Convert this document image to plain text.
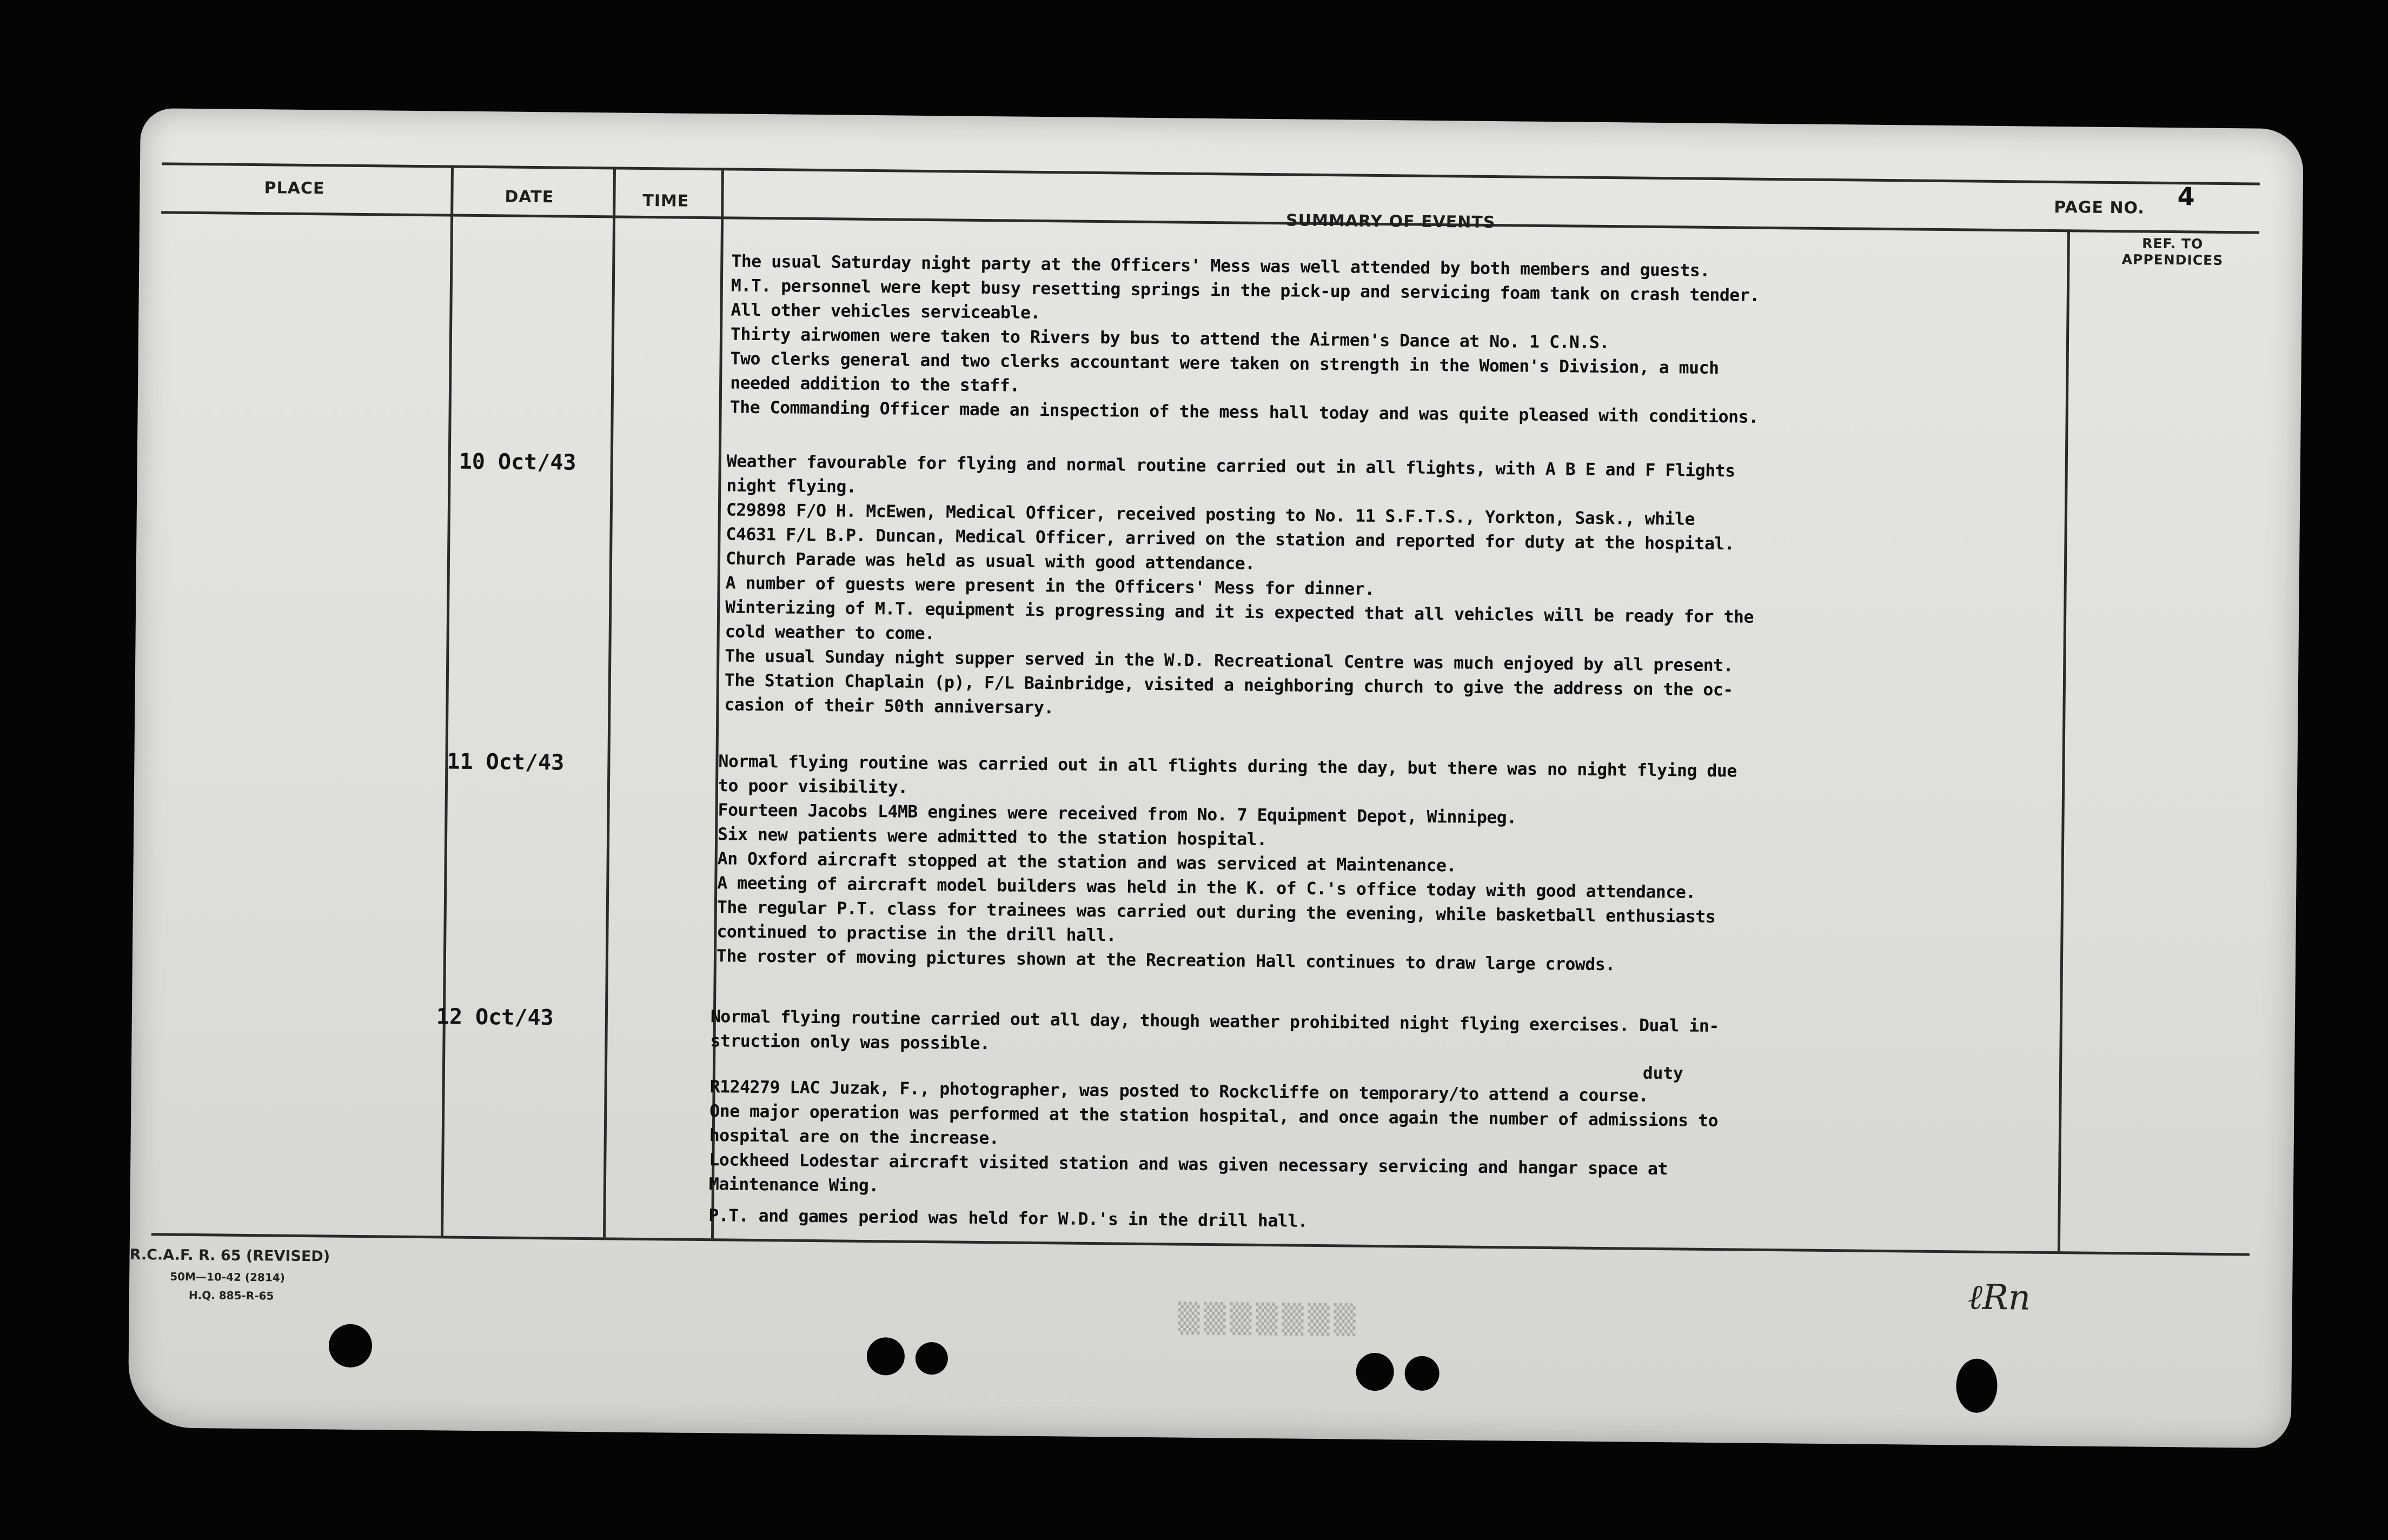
PLACE	DATE	TIME
SUMMARY OF EVENTS
PAGE NO. 4
REF. TO
APPENDICES
10 Oct/43
11 Oct/43
12 Oct/43
The usual Saturday night party at the Officers' Mess was well attended by both members and guests.
M.T. personnel were kept busy resetting springs in the pick-up and servicing foam tank on crash tender.
All other vehicles serviceable.
Thirty airwomen were taken to Rivers by bus to attend the Airmen's Dance at No. 1 C.N.S.
Two clerks general and two clerks accountant were taken on strength in the Women's Division, a much
needed addition to the staff.
The Commanding Officer made an inspection of the mess hall today and was quite pleased with conditions.
Weather favourable for flying and normal routine carried out in all flights, with A B E and F Flights
night flying.
C29898 F/O H. McEwen, Medical Officer, received posting to No. 11 S.F.T.S., Yorkton, Sask., while
C4631 F/L B.P. Duncan, Medical Officer, arrived on the station and reported for duty at the hospital.
Church Parade was held as usual with good attendance.
A number of guests were present in the Officers' Mess for dinner.
Winterizing of M.T. equipment is progressing and it is expected that all vehicles will be ready for the
cold weather to come.
The usual Sunday night supper served in the W.D. Recreational Centre was much enjoyed by all present.
The Station Chaplain (p), F/L Bainbridge, visited a neighboring church to give the address on the oc-
casion of their 50th anniversary.
Normal flying routine was carried out in all flights during the day, but there was no night flying due
to poor visibility.
Fourteen Jacobs L4MB engines were received from No. 7 Equipment Depot, Winnipeg.
Six new patients were admitted to the station hospital.
An Oxford aircraft stopped at the station and was serviced at Maintenance.
A meeting of aircraft model builders was held in the K. of C.'s office today with good attendance.
The regular P.T. class for trainees was carried out during the evening, while basketball enthusiasts
continued to practise in the drill hall.
The roster of moving pictures shown at the Recreation Hall continues to draw large crowds.
Normal flying routine carried out all day, though weather prohibited night flying exercises. Dual in-
struction only was possible.
R124279 LAC Juzak, F., photographer, was posted to Rockcliffe on temporary/to attend a course.
One major operation was performed at the station hospital, and once again the number of admissions to
hospital are on the increase.
Lockheed Lodestar aircraft visited station and was given necessary servicing and hangar space at
Maintenance Wing.
P.T. and games period was held for W.D.'s in the drill hall.
duty
R.C.A.F. R. 65 (REVISED)
50M—10-42 (2814)
H.Q. 885-R-65
▒▒▒▒▒▒▒
ℓRn
